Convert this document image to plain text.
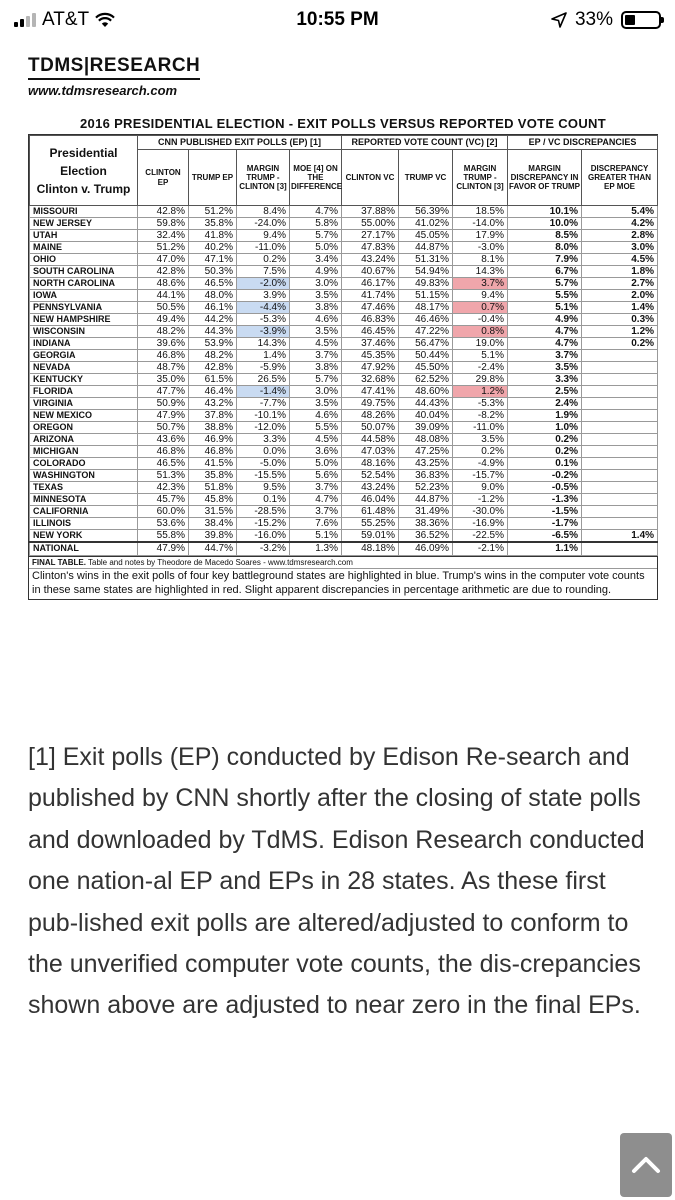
AT&T	10:55 PM	33%
TDMS|RESEARCH
www.tdmsresearch.com
2016 PRESIDENTIAL ELECTION - EXIT POLLS VERSUS REPORTED VOTE COUNT
Presidential
Election
Clinton v. Trump	CNN PUBLISHED EXIT POLLS (EP) [1]				REPORTED VOTE COUNT (VC) [2]			EP / VC DISCREPANCIES	
	CLINTON EP	TRUMP EP	MARGIN TRUMP - CLINTON [3]	MOE [4] ON THE DIFFERENCE	CLINTON VC	TRUMP VC	MARGIN TRUMP - CLINTON [3]	MARGIN DISCREPANCY IN FAVOR OF TRUMP	DISCREPANCY GREATER THAN EP MOE
MISSOURI	42.8%	51.2%	8.4%	4.7%	37.88%	56.39%	18.5%	10.1%	5.4%
NEW JERSEY	59.8%	35.8%	-24.0%	5.8%	55.00%	41.02%	-14.0%	10.0%	4.2%
UTAH	32.4%	41.8%	9.4%	5.7%	27.17%	45.05%	17.9%	8.5%	2.8%
MAINE	51.2%	40.2%	-11.0%	5.0%	47.83%	44.87%	-3.0%	8.0%	3.0%
OHIO	47.0%	47.1%	0.2%	3.4%	43.24%	51.31%	8.1%	7.9%	4.5%
SOUTH CAROLINA	42.8%	50.3%	7.5%	4.9%	40.67%	54.94%	14.3%	6.7%	1.8%
NORTH CAROLINA	48.6%	46.5%	-2.0%	3.0%	46.17%	49.83%	3.7%	5.7%	2.7%
IOWA	44.1%	48.0%	3.9%	3.5%	41.74%	51.15%	9.4%	5.5%	2.0%
PENNSYLVANIA	50.5%	46.1%	-4.4%	3.8%	47.46%	48.17%	0.7%	5.1%	1.4%
NEW HAMPSHIRE	49.4%	44.2%	-5.3%	4.6%	46.83%	46.46%	-0.4%	4.9%	0.3%
WISCONSIN	48.2%	44.3%	-3.9%	3.5%	46.45%	47.22%	0.8%	4.7%	1.2%
INDIANA	39.6%	53.9%	14.3%	4.5%	37.46%	56.47%	19.0%	4.7%	0.2%
GEORGIA	46.8%	48.2%	1.4%	3.7%	45.35%	50.44%	5.1%	3.7%	
NEVADA	48.7%	42.8%	-5.9%	3.8%	47.92%	45.50%	-2.4%	3.5%	
KENTUCKY	35.0%	61.5%	26.5%	5.7%	32.68%	62.52%	29.8%	3.3%	
FLORIDA	47.7%	46.4%	-1.4%	3.0%	47.41%	48.60%	1.2%	2.5%	
VIRGINIA	50.9%	43.2%	-7.7%	3.5%	49.75%	44.43%	-5.3%	2.4%	
NEW MEXICO	47.9%	37.8%	-10.1%	4.6%	48.26%	40.04%	-8.2%	1.9%	
OREGON	50.7%	38.8%	-12.0%	5.5%	50.07%	39.09%	-11.0%	1.0%	
ARIZONA	43.6%	46.9%	3.3%	4.5%	44.58%	48.08%	3.5%	0.2%	
MICHIGAN	46.8%	46.8%	0.0%	3.6%	47.03%	47.25%	0.2%	0.2%	
COLORADO	46.5%	41.5%	-5.0%	5.0%	48.16%	43.25%	-4.9%	0.1%	
WASHINGTON	51.3%	35.8%	-15.5%	5.6%	52.54%	36.83%	-15.7%	-0.2%	
TEXAS	42.3%	51.8%	9.5%	3.7%	43.24%	52.23%	9.0%	-0.5%	
MINNESOTA	45.7%	45.8%	0.1%	4.7%	46.04%	44.87%	-1.2%	-1.3%	
CALIFORNIA	60.0%	31.5%	-28.5%	3.7%	61.48%	31.49%	-30.0%	-1.5%	
ILLINOIS	53.6%	38.4%	-15.2%	7.6%	55.25%	38.36%	-16.9%	-1.7%	
NEW YORK	55.8%	39.8%	-16.0%	5.1%	59.01%	36.52%	-22.5%	-6.5%	1.4%
NATIONAL	47.9%	44.7%	-3.2%	1.3%	48.18%	46.09%	-2.1%	1.1%	
FINAL TABLE. Table and notes by Theodore de Macedo Soares - www.tdmsresearch.com
Clinton's wins in the exit polls of four key battleground states are highlighted in blue. Trump's wins in the computer vote counts in these same states are highlighted in red. Slight apparent discrepancies in percentage arithmetic are due to rounding.
[1] Exit polls (EP) conducted by Edison Re-search and published by CNN shortly after the closing of state polls and downloaded by TdMS. Edison Research conducted one nation-al EP and EPs in 28 states. As these first pub-lished exit polls are altered/adjusted to conform to the unverified computer vote counts, the dis-crepancies shown above are adjusted to near zero in the final EPs.
